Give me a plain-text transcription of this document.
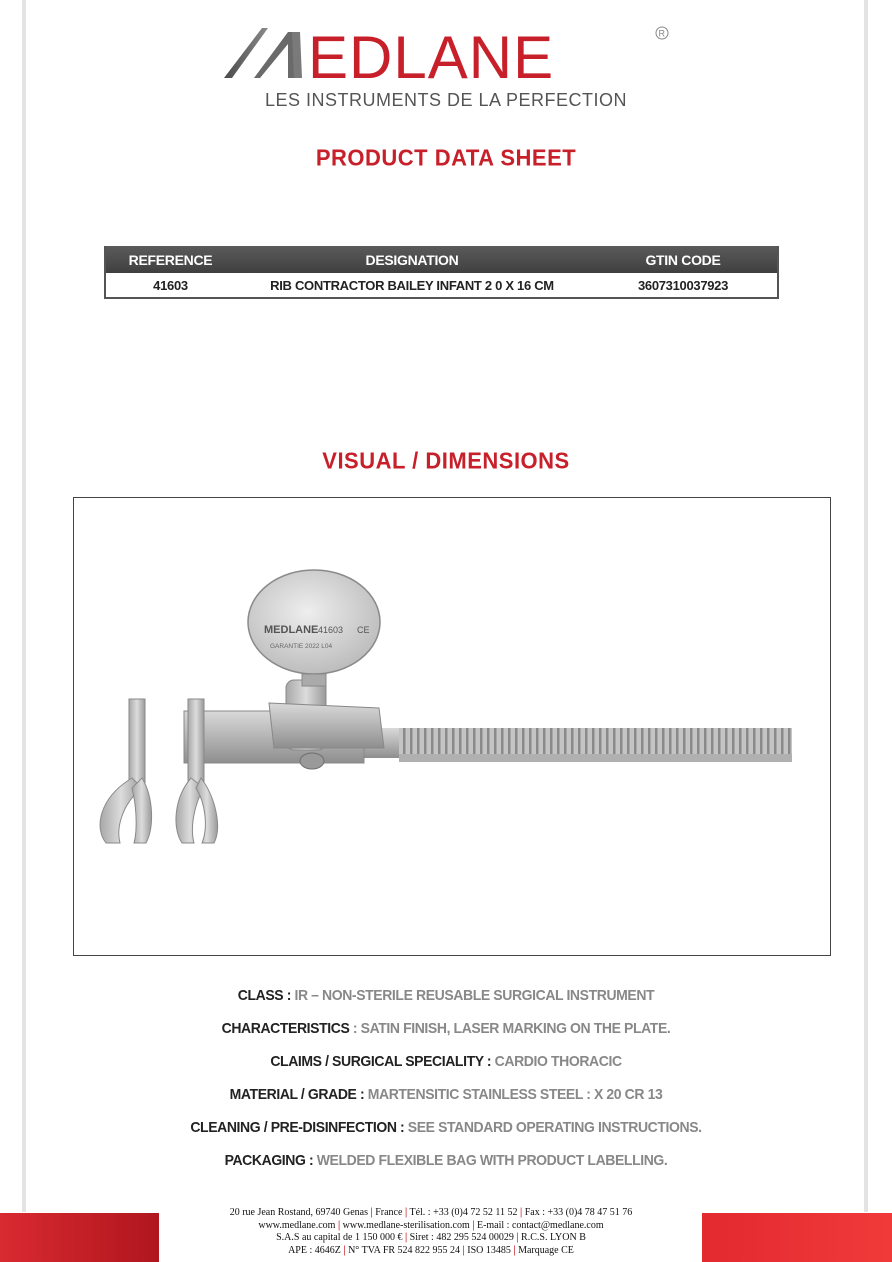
EDLANE	R
LES INSTRUMENTS DE LA PERFECTION
PRODUCT DATA SHEET
REFERENCE	DESIGNATION	GTIN CODE
41603	RIB CONTRACTOR BAILEY INFANT 2 0 X 16 CM	3607310037923
VISUAL / DIMENSIONS
MEDLANE 41603 CE
GARANTIE 2022 L04
CLASS : IR – NON-STERILE REUSABLE SURGICAL INSTRUMENT
CHARACTERISTICS : SATIN FINISH, LASER MARKING ON THE PLATE.
CLAIMS / SURGICAL SPECIALITY : CARDIO THORACIC
MATERIAL / GRADE : MARTENSITIC STAINLESS STEEL : X 20 CR 13
CLEANING / PRE-DISINFECTION : SEE STANDARD OPERATING INSTRUCTIONS.
PACKAGING : WELDED FLEXIBLE BAG WITH PRODUCT LABELLING.
20 rue Jean Rostand, 69740 Genas | France | Tél. : +33 (0)4 72 52 11 52 | Fax : +33 (0)4 78 47 51 76
www.medlane.com | www.medlane-sterilisation.com | E-mail : contact@medlane.com
S.A.S au capital de 1 150 000 € | Siret : 482 295 524 00029 | R.C.S. LYON B
APE : 4646Z | N° TVA FR 524 822 955 24 | ISO 13485 | Marquage CE
